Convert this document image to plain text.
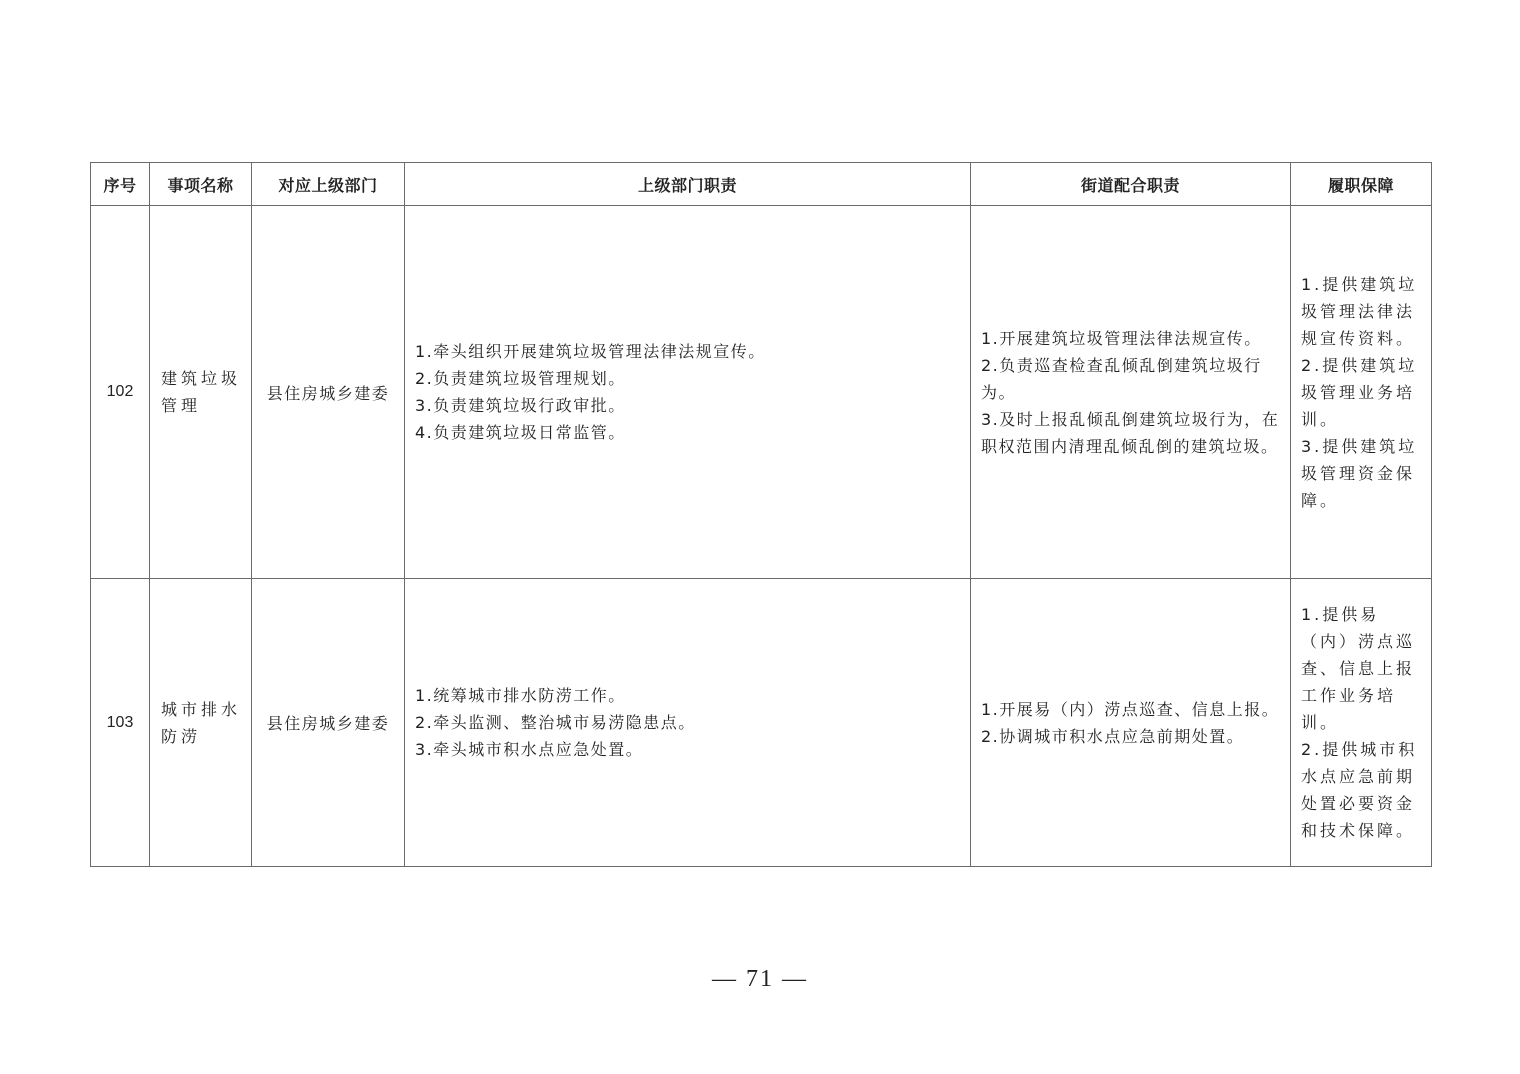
序号	事项名称	对应上级部门	上级部门职责	街道配合职责	履职保障
102	建筑垃圾管理	县住房城乡建委	1.牵头组织开展建筑垃圾管理法律法规宣传。
2.负责建筑垃圾管理规划。
3.负责建筑垃圾行政审批。
4.负责建筑垃圾日常监管。	1.开展建筑垃圾管理法律法规宣传。
2.负责巡查检查乱倾乱倒建筑垃圾行为。
3.及时上报乱倾乱倒建筑垃圾行为，在职权范围内清理乱倾乱倒的建筑垃圾。	1.提供建筑垃圾管理法律法规宣传资料。
2.提供建筑垃圾管理业务培训。
3.提供建筑垃圾管理资金保障。

103	城市排水防涝	县住房城乡建委	1.统筹城市排水防涝工作。
2.牵头监测、整治城市易涝隐患点。
3.牵头城市积水点应急处置。	1.开展易（内）涝点巡查、信息上报。
2.协调城市积水点应急前期处置。	1.提供易（内）涝点巡查、信息上报工作业务培训。
2.提供城市积水点应急前期处置必要资金和技术保障。
— 71 —
